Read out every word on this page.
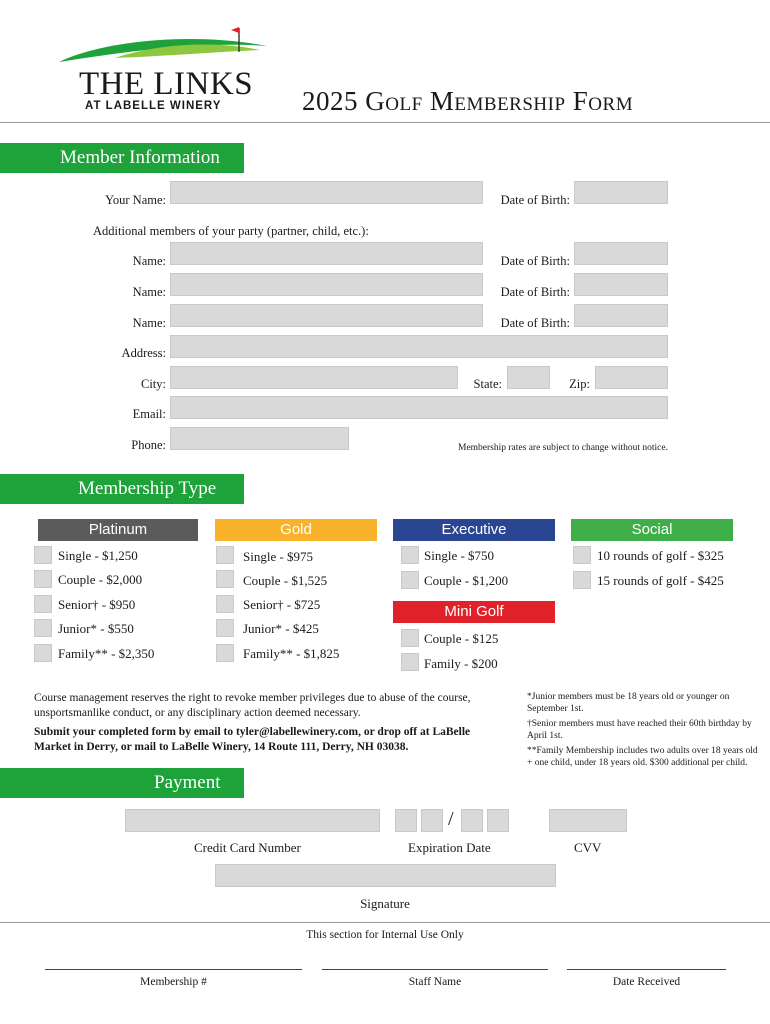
THE LINKS
AT LABELLE WINERY	2025 Golf Membership Form
Member Information
Your Name:	Date of Birth:
Additional members of your party (partner, child, etc.):
Name:	Date of Birth:
Name:	Date of Birth:
Name:	Date of Birth:
Address:
City:	State:	Zip:
Email:
Phone:	Membership rates are subject to change without notice.
Membership Type
Platinum
Single - $1,250
Couple - $2,000
Senior† - $950
Junior* - $550
Family** - $2,350
Gold
Single - $975
Couple - $1,525
Senior† - $725
Junior* - $425
Family** - $1,825
Executive
Single - $750
Couple - $1,200
Mini Golf
Couple - $125
Family - $200
Social
10 rounds of golf - $325
15 rounds of golf - $425
Course management reserves the right to revoke member privileges due to abuse of the course, unsportsmanlike conduct, or any disciplinary action deemed necessary.
Submit your completed form by email to tyler@labellewinery.com, or drop off at LaBelle Market in Derry, or mail to LaBelle Winery, 14 Route 111, Derry, NH 03038.
*Junior members must be 18 years old or younger on September 1st.
†Senior members must have reached their 60th birthday by April 1st.
**Family Membership includes two adults over 18 years old + one child, under 18 years old. $300 additional per child.
Payment
/
Credit Card Number	Expiration Date	CVV
Signature
This section for Internal Use Only
Membership #	Staff Name	Date Received
